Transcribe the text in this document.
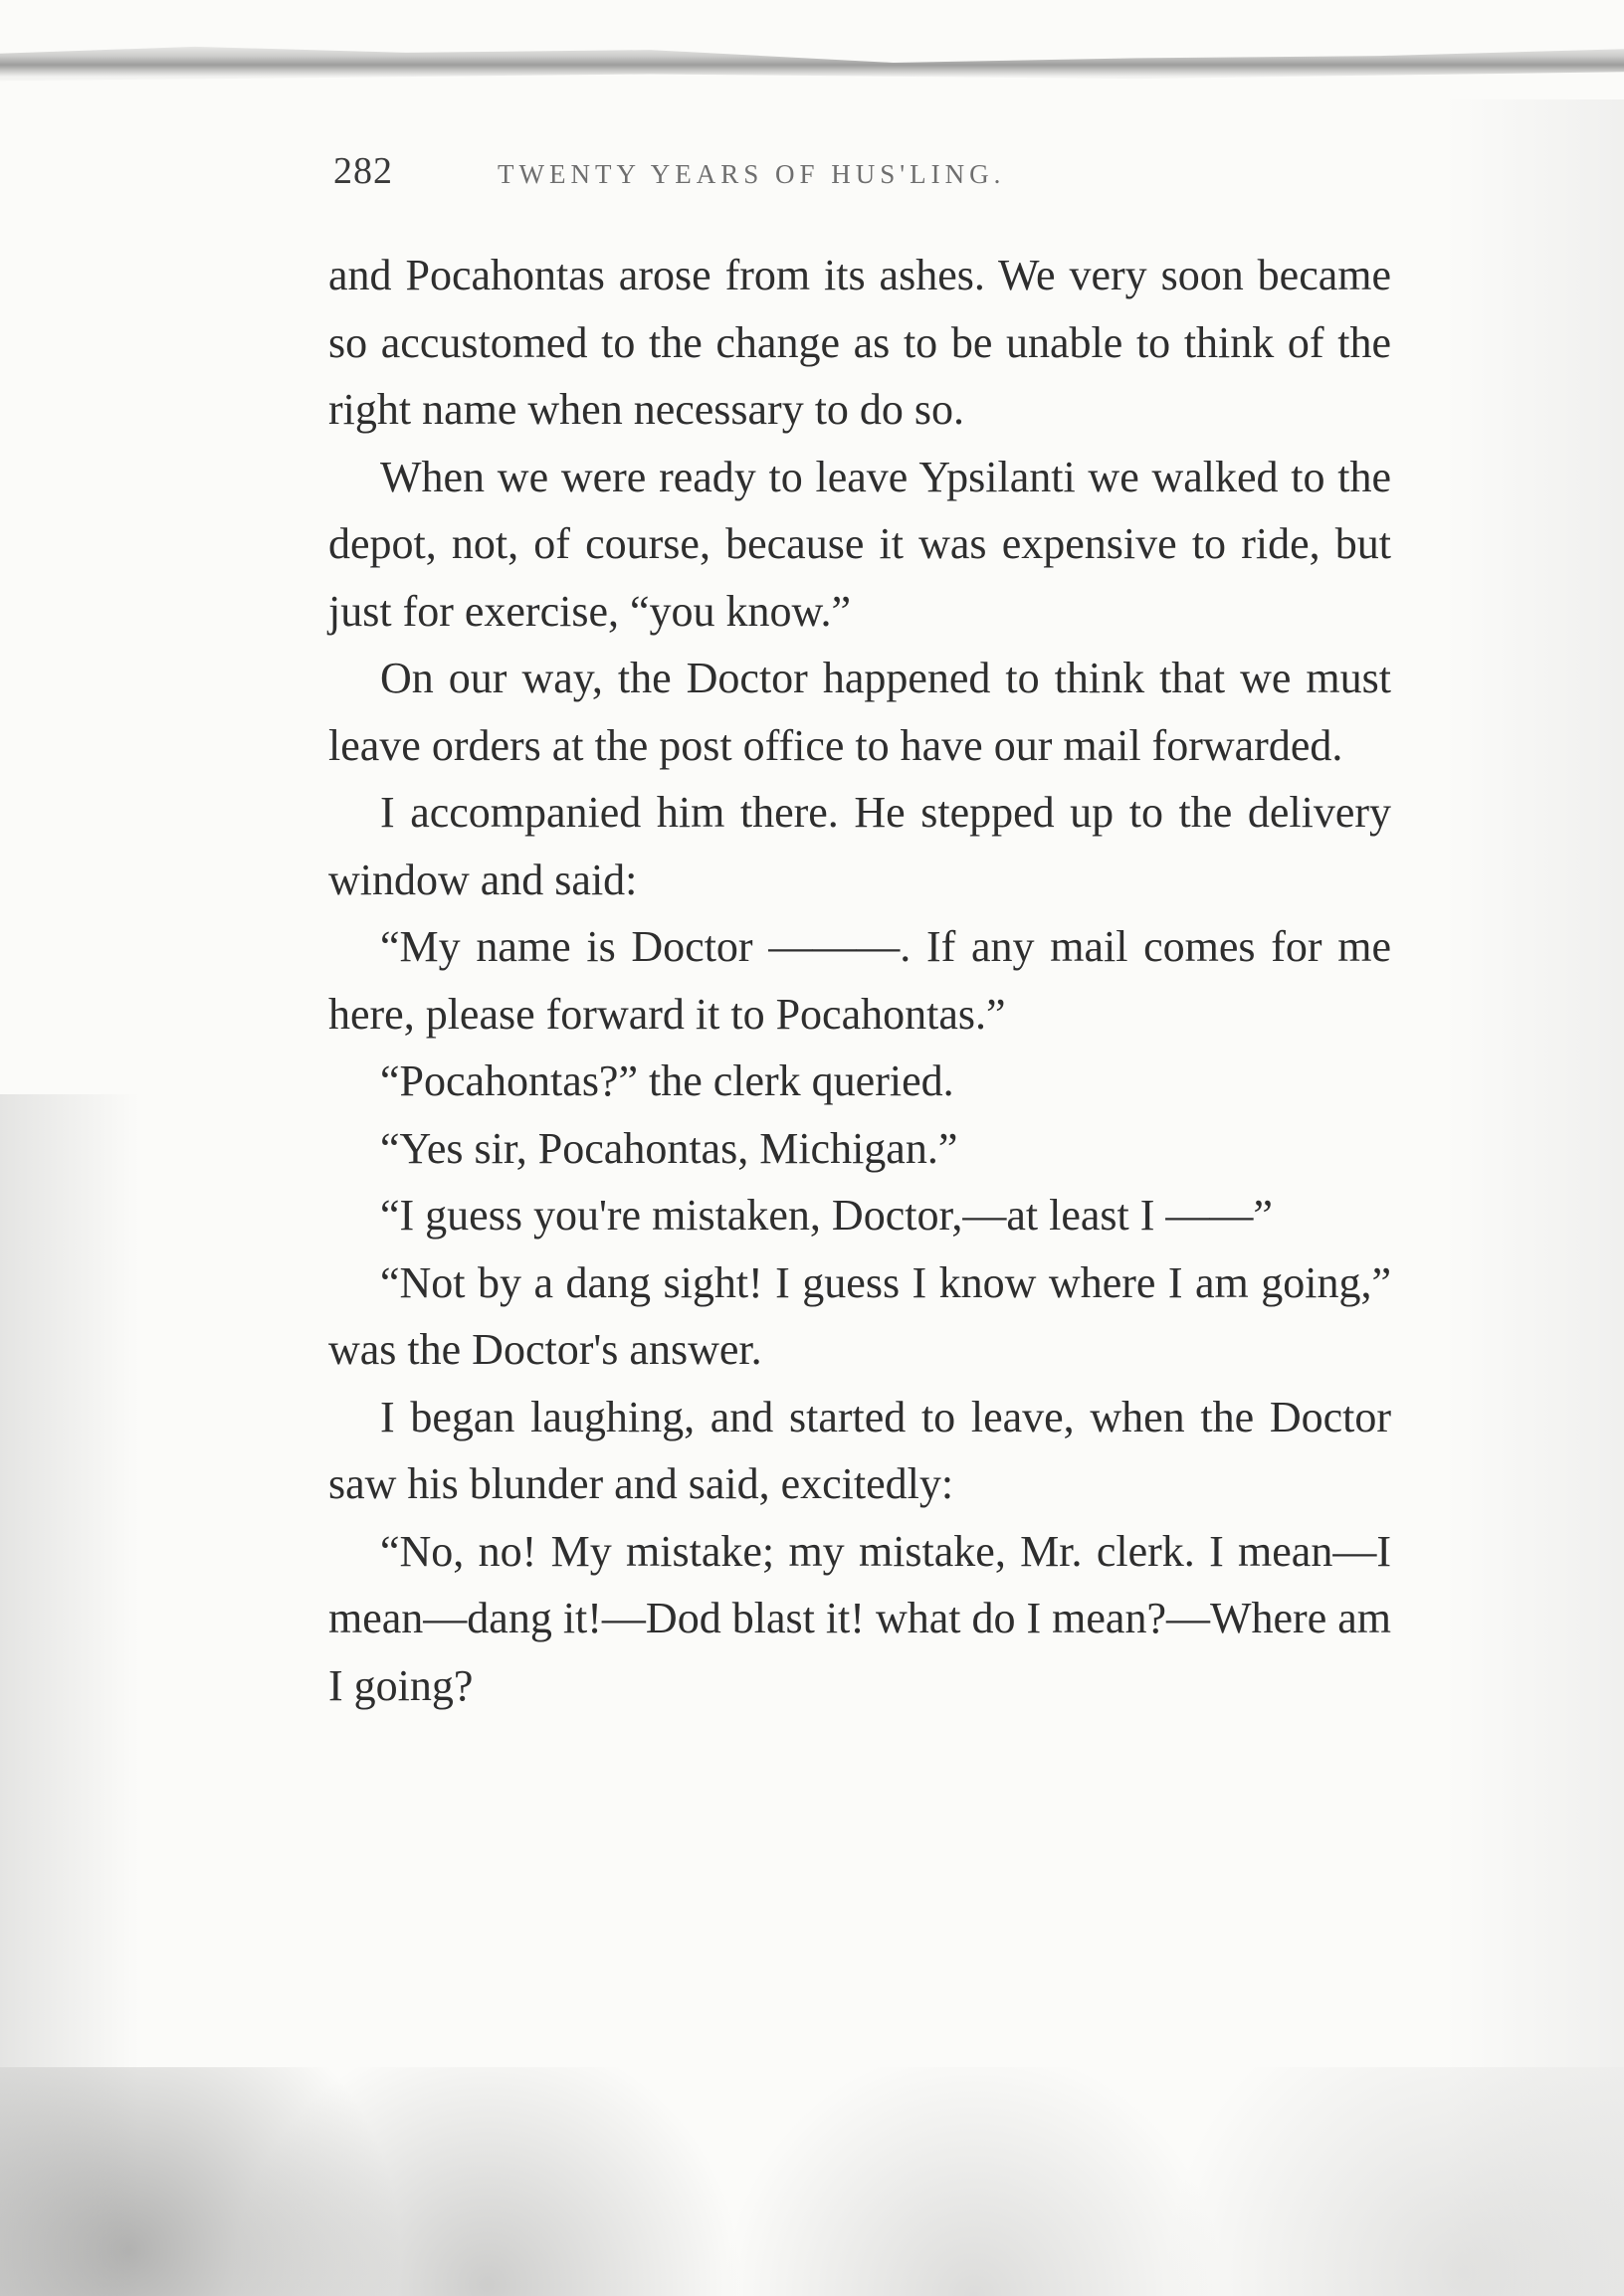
282	TWENTY YEARS OF HUS'LING.

and Pocahontas arose from its ashes. We very soon became so accustomed to the change as to be unable to think of the right name when necessary to do so.

When we were ready to leave Ypsilanti we walked to the depot, not, of course, because it was expensive to ride, but just for exercise, “you know.”

On our way, the Doctor happened to think that we must leave orders at the post office to have our mail forwarded.

I accompanied him there. He stepped up to the delivery window and said:

“My name is Doctor ———. If any mail comes for me here, please forward it to Pocahontas.”

“Pocahontas?” the clerk queried.

“Yes sir, Pocahontas, Michigan.”

“I guess you're mistaken, Doctor,—at least I ——”

“Not by a dang sight! I guess I know where I am going,” was the Doctor's answer.

I began laughing, and started to leave, when the Doctor saw his blunder and said, excitedly:

“No, no! My mistake; my mistake, Mr. clerk. I mean—I mean—dang it!—Dod blast it! what do I mean?—Where am I going?
